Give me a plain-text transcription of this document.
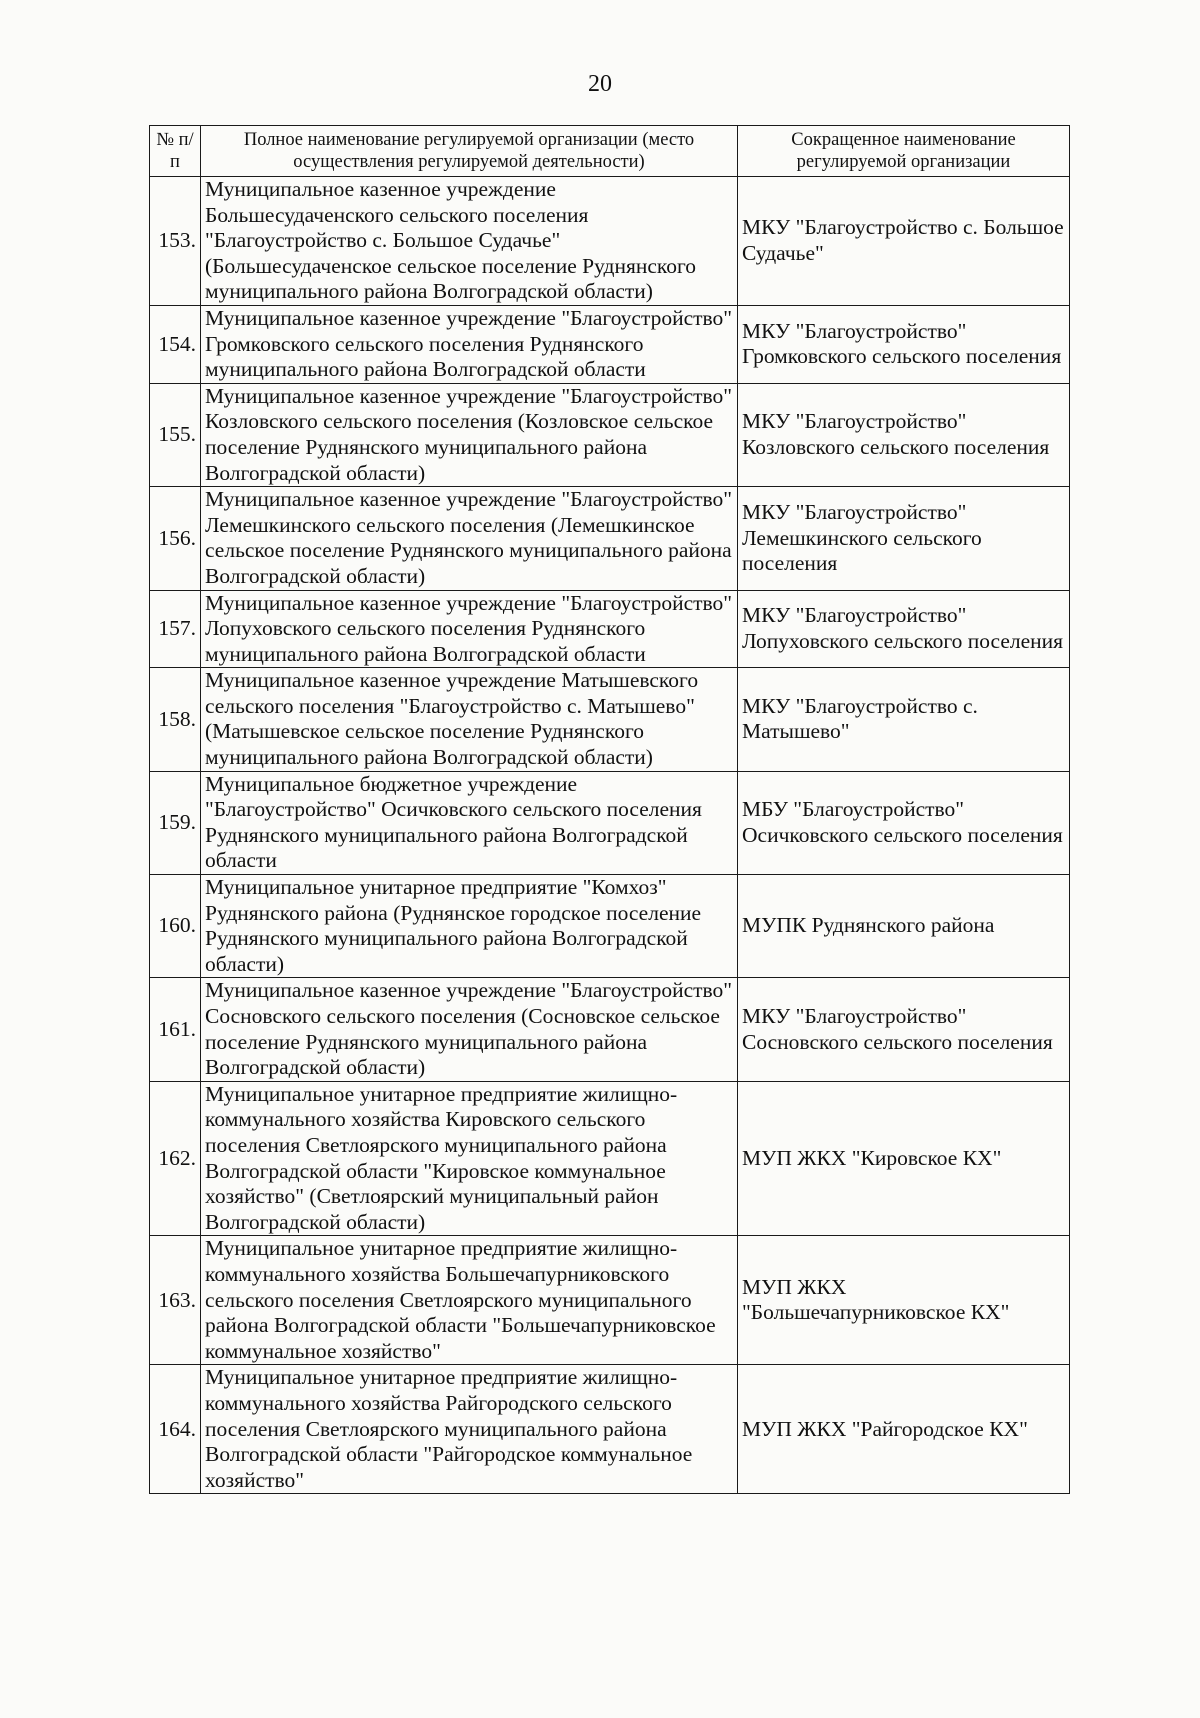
20
№ п/п	Полное наименование регулируемой организации (место осуществления регулируемой деятельности)	Сокращенное наименование регулируемой организации
153.	Муниципальное казенное учреждение Большесудаченского сельского поселения "Благоустройство с. Большое Судачье" (Большесудаченское сельское поселение Руднянского муниципального района Волгоградской области)	МКУ "Благоустройство с. Большое Судачье"
154.	Муниципальное казенное учреждение "Благоустройство" Громковского сельского поселения Руднянского муниципального района Волгоградской области	МКУ "Благоустройство" Громковского сельского поселения
155.	Муниципальное казенное учреждение "Благоустройство" Козловского сельского поселения (Козловское сельское поселение Руднянского муниципального района Волгоградской области)	МКУ "Благоустройство" Козловского сельского поселения
156.	Муниципальное казенное учреждение "Благоустройство" Лемешкинского сельского поселения (Лемешкинское сельское поселение Руднянского муниципального района Волгоградской области)	МКУ "Благоустройство" Лемешкинского сельского поселения
157.	Муниципальное казенное учреждение "Благоустройство" Лопуховского сельского поселения Руднянского муниципального района Волгоградской области	МКУ "Благоустройство" Лопуховского сельского поселения
158.	Муниципальное казенное учреждение Матышевского сельского поселения "Благоустройство с. Матышево" (Матышевское сельское поселение Руднянского муниципального района Волгоградской области)	МКУ "Благоустройство с. Матышево"
159.	Муниципальное бюджетное учреждение "Благоустройство" Осичковского сельского поселения Руднянского муниципального района Волгоградской области	МБУ "Благоустройство" Осичковского сельского поселения
160.	Муниципальное унитарное предприятие "Комхоз" Руднянского района (Руднянское городское поселение Руднянского муниципального района Волгоградской области)	МУПК Руднянского района
161.	Муниципальное казенное учреждение "Благоустройство" Сосновского сельского поселения (Сосновское сельское поселение Руднянского муниципального района Волгоградской области)	МКУ "Благоустройство" Сосновского сельского поселения
162.	Муниципальное унитарное предприятие жилищно-коммунального хозяйства Кировского сельского поселения Светлоярского муниципального района Волгоградской области "Кировское коммунальное хозяйство" (Светлоярский муниципальный район Волгоградской области)	МУП ЖКХ "Кировское КХ"
163.	Муниципальное унитарное предприятие жилищно-коммунального хозяйства Большечапурниковского сельского поселения Светлоярского муниципального района Волгоградской области "Большечапурниковское коммунальное хозяйство"	МУП ЖКХ "Большечапурниковское КХ"
164.	Муниципальное унитарное предприятие жилищно-коммунального хозяйства Райгородского сельского поселения Светлоярского муниципального района Волгоградской области "Райгородское коммунальное хозяйство"	МУП ЖКХ "Райгородское КХ"
